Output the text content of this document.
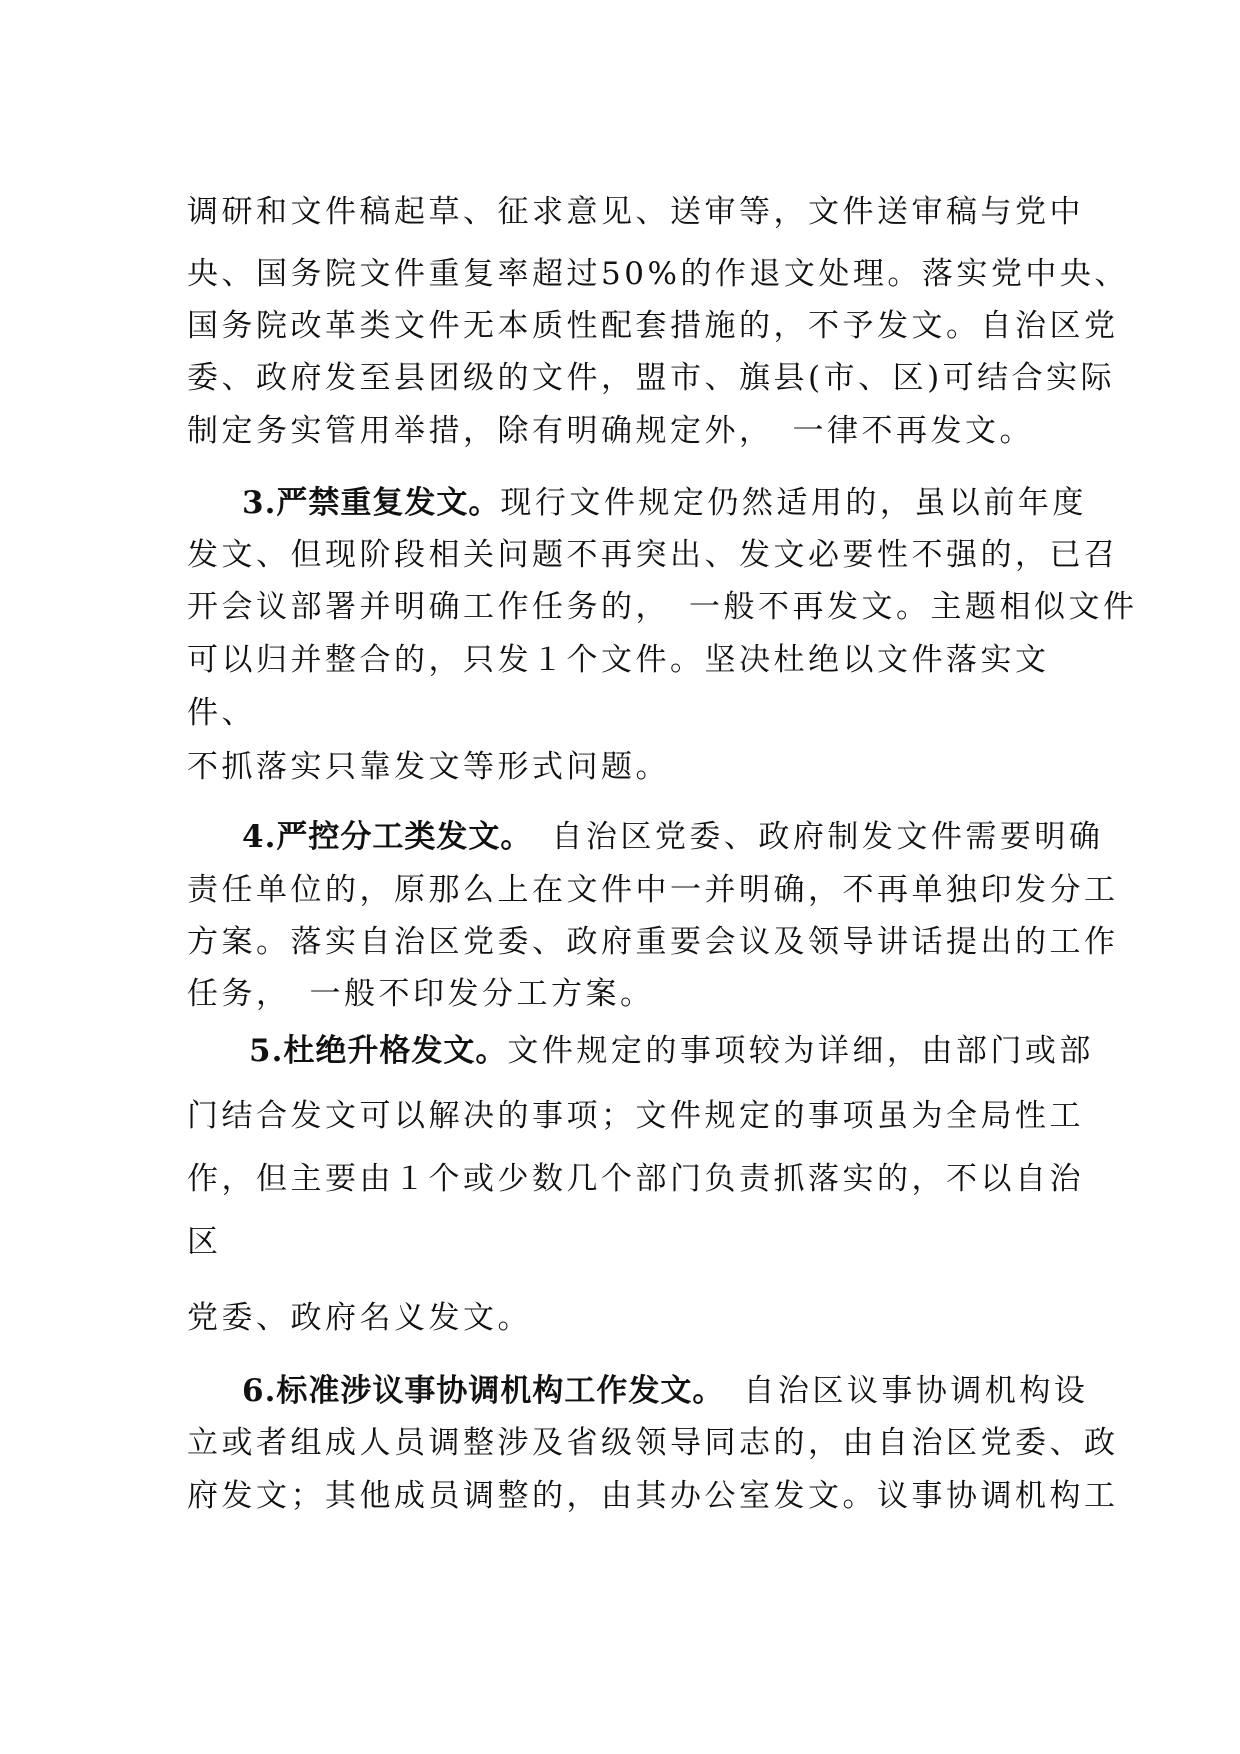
调研和文件稿起草、征求意见、送审等，文件送审稿与党中
央、国务院文件重复率超过50%的作退文处理。落实党中央、
国务院改革类文件无本质性配套措施的，不予发文。自治区党
委、政府发至县团级的文件，盟市、旗县(市、区)可结合实际
制定务实管用举措，除有明确规定外，　一律不再发文。
3.严禁重复发文。现行文件规定仍然适用的，虽以前年度
发文、但现阶段相关问题不再突出、发文必要性不强的，已召
开会议部署并明确工作任务的，　一般不再发文。主题相似文件
可以归并整合的，只发１个文件。坚决杜绝以文件落实文
件、
不抓落实只靠发文等形式问题。
4.严控分工类发文。　自治区党委、政府制发文件需要明确
责任单位的，原那么上在文件中一并明确，不再单独印发分工
方案。落实自治区党委、政府重要会议及领导讲话提出的工作
任务，　一般不印发分工方案。
5.杜绝升格发文。文件规定的事项较为详细，由部门或部
门结合发文可以解决的事项；文件规定的事项虽为全局性工
作，但主要由１个或少数几个部门负责抓落实的，不以自治
区
党委、政府名义发文。
6.标准涉议事协调机构工作发文。　自治区议事协调机构设
立或者组成人员调整涉及省级领导同志的，由自治区党委、政
府发文；其他成员调整的，由其办公室发文。议事协调机构工
